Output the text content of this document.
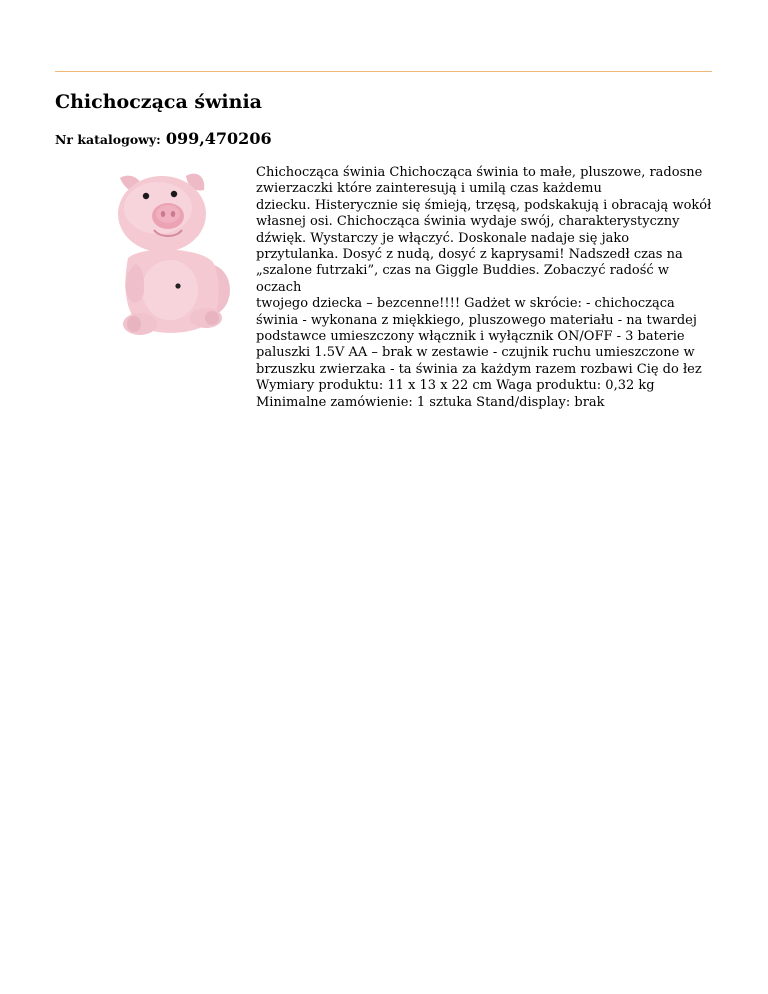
Chichocząca świnia
Nr katalogowy: 099,470206

Chichocząca świnia Chichocząca świnia to małe, pluszowe, radosne
zwierzaczki które zainteresują i umilą czas każdemu
dziecku. Histerycznie się śmieją, trzęsą, podskakują i obracają wokół
własnej osi. Chichocząca świnia wydaje swój, charakterystyczny
dźwięk. Wystarczy je włączyć. Doskonale nadaje się jako
przytulanka. Dosyć z nudą, dosyć z kaprysami! Nadszedł czas na
„szalone futrzaki”, czas na Giggle Buddies. Zobaczyć radość w oczach
twojego dziecka – bezcenne!!!! Gadżet w skrócie: - chichocząca
świnia - wykonana z miękkiego, pluszowego materiału - na twardej
podstawce umieszczony włącznik i wyłącznik ON/OFF - 3 baterie
paluszki 1.5V AA – brak w zestawie - czujnik ruchu umieszczone w
brzuszku zwierzaka - ta świnia za każdym razem rozbawi Cię do łez
Wymiary produktu: 11 x 13 x 22 cm Waga produktu: 0,32 kg
Minimalne zamówienie: 1 sztuka Stand/display: brak
